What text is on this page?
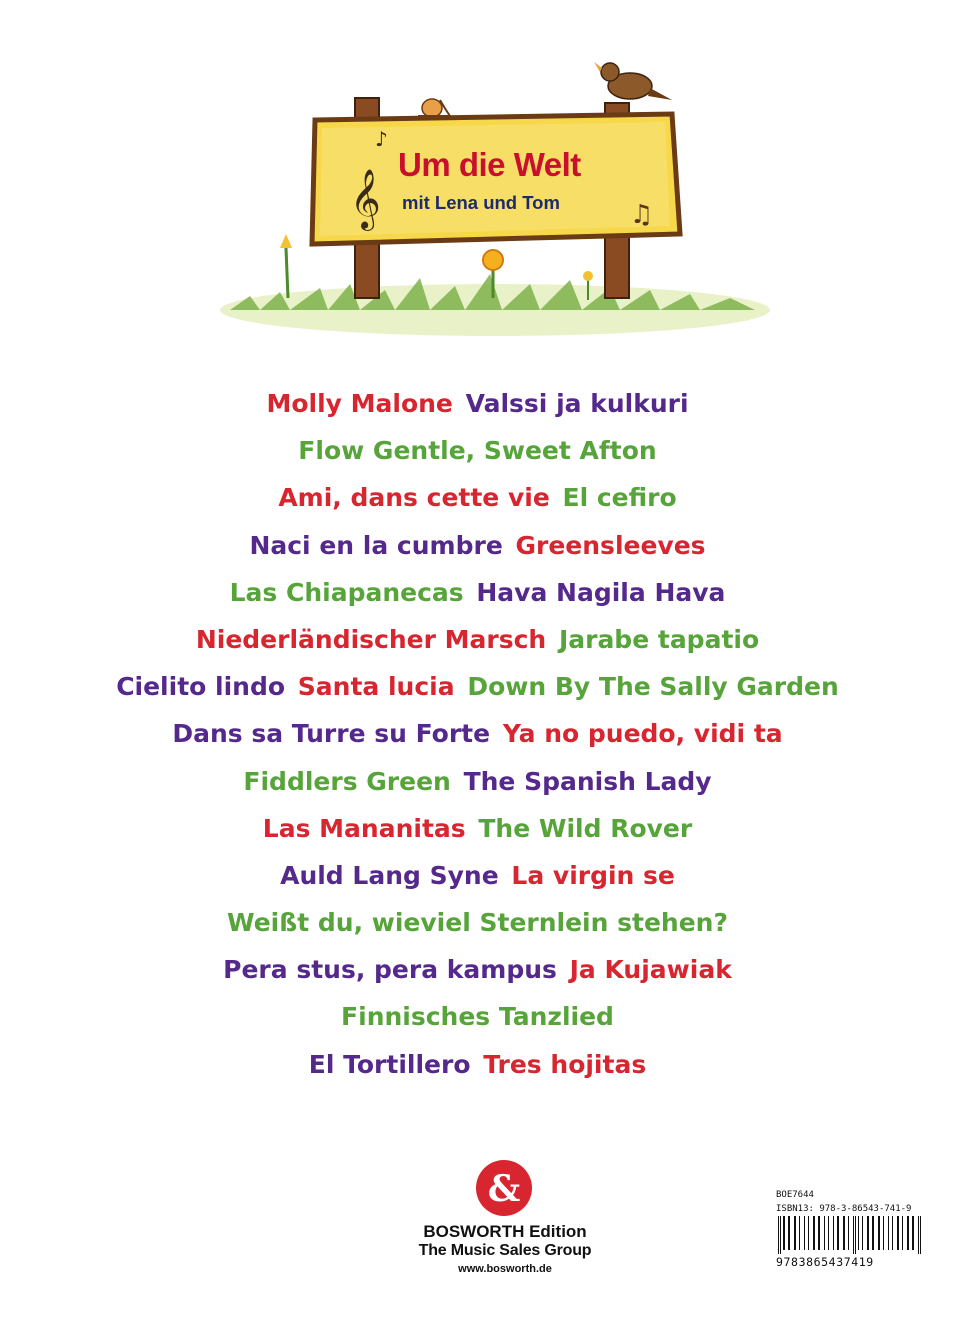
𝄞
♪
♫
Um die Welt
mit Lena und Tom
Molly Malone Valssi ja kulkuri
Flow Gentle, Sweet Afton
Ami, dans cette vie El cefiro
Naci en la cumbre Greensleeves
Las Chiapanecas Hava Nagila Hava
Niederländischer Marsch Jarabe tapatio
Cielito lindo Santa lucia Down By The Sally Garden
Dans sa Turre su Forte Ya no puedo, vidi ta
Fiddlers Green The Spanish Lady
Las Mananitas The Wild Rover
Auld Lang Syne La virgin se
Weißt du, wieviel Sternlein stehen?
Pera stus, pera kampus Ja Kujawiak
Finnisches Tanzlied
El Tortillero Tres hojitas
&
BOSWORTH Edition
The Music Sales Group
www.bosworth.de
BOE7644
ISBN13: 978-3-86543-741-9
9783865437419
